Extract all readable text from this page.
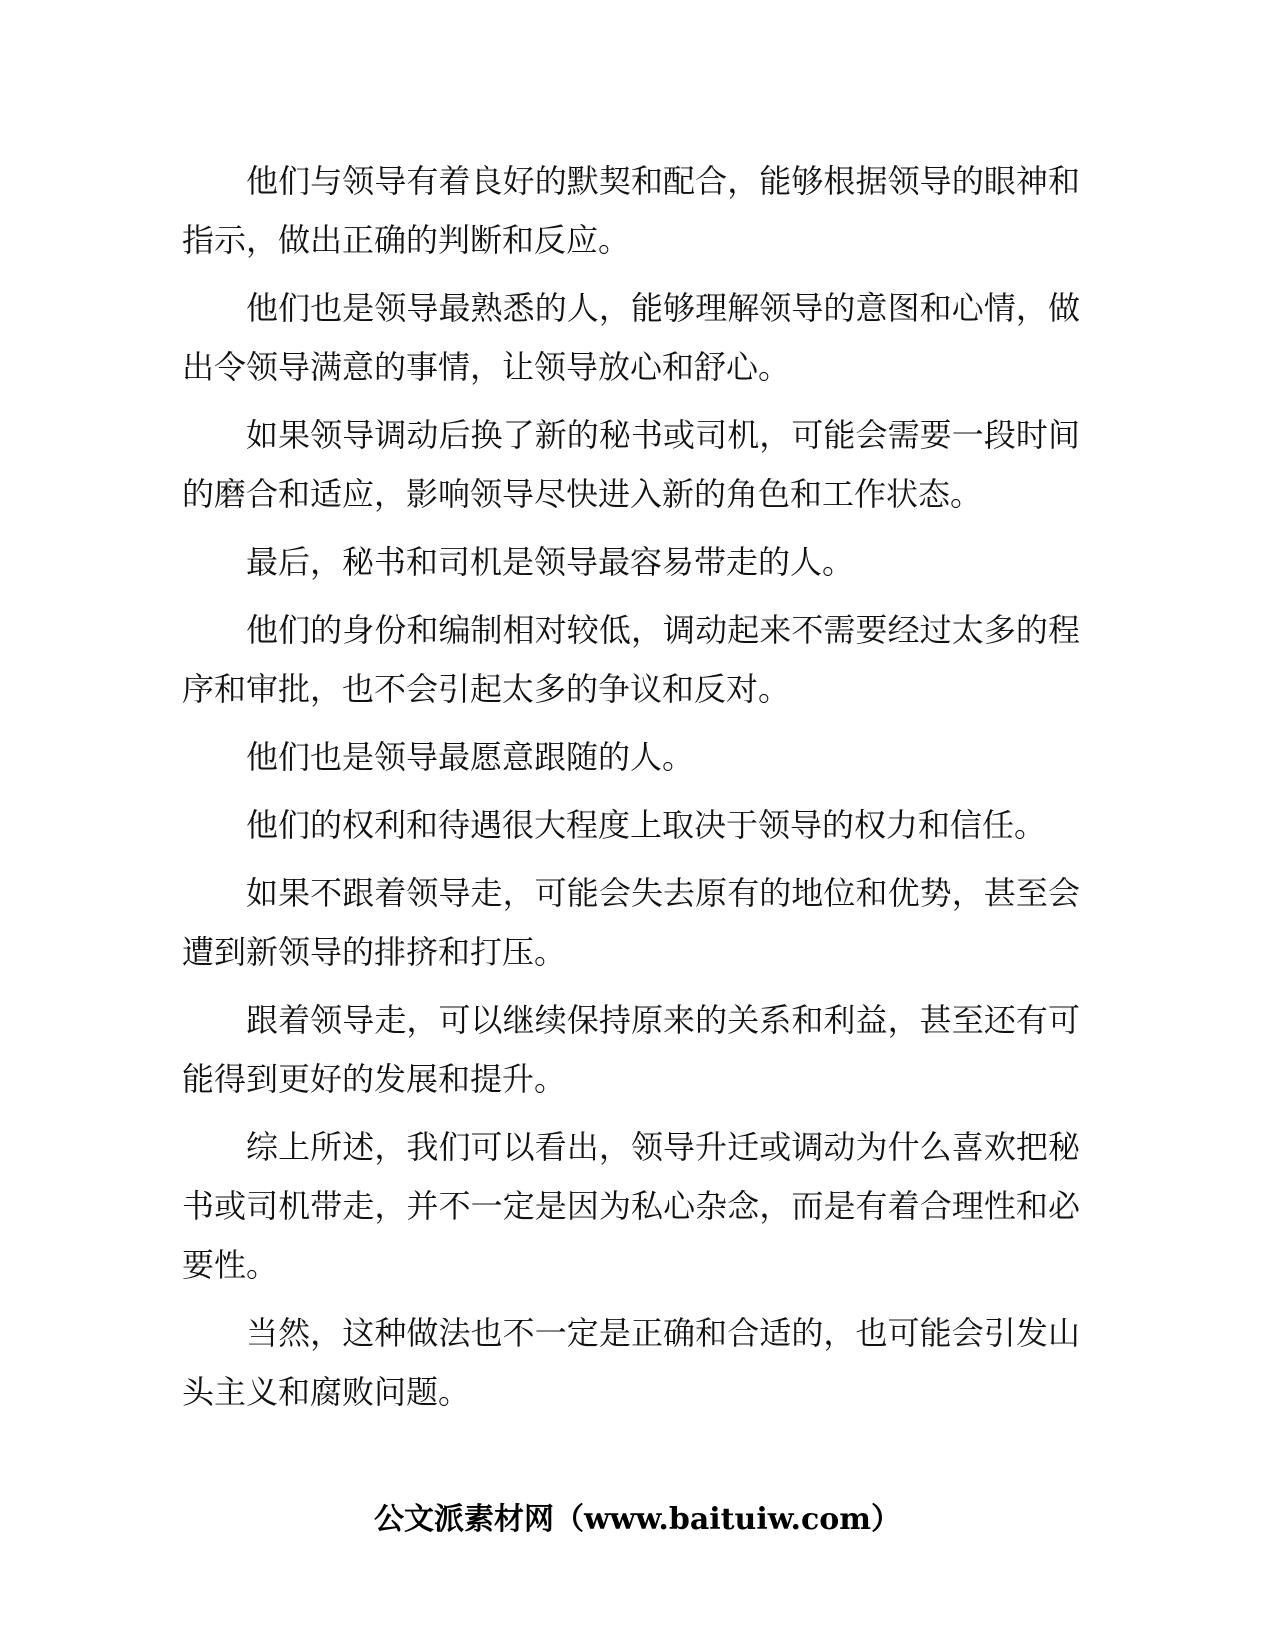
他们与领导有着良好的默契和配合，能够根据领导的眼神和指示，做出正确的判断和反应。

他们也是领导最熟悉的人，能够理解领导的意图和心情，做出令领导满意的事情，让领导放心和舒心。

如果领导调动后换了新的秘书或司机，可能会需要一段时间的磨合和适应，影响领导尽快进入新的角色和工作状态。

最后，秘书和司机是领导最容易带走的人。

他们的身份和编制相对较低，调动起来不需要经过太多的程序和审批，也不会引起太多的争议和反对。

他们也是领导最愿意跟随的人。

他们的权利和待遇很大程度上取决于领导的权力和信任。

如果不跟着领导走，可能会失去原有的地位和优势，甚至会遭到新领导的排挤和打压。

跟着领导走，可以继续保持原来的关系和利益，甚至还有可能得到更好的发展和提升。

综上所述，我们可以看出，领导升迁或调动为什么喜欢把秘书或司机带走，并不一定是因为私心杂念，而是有着合理性和必要性。

当然，这种做法也不一定是正确和合适的，也可能会引发山头主义和腐败问题。

公文派素材网（www.baituiw.com）
